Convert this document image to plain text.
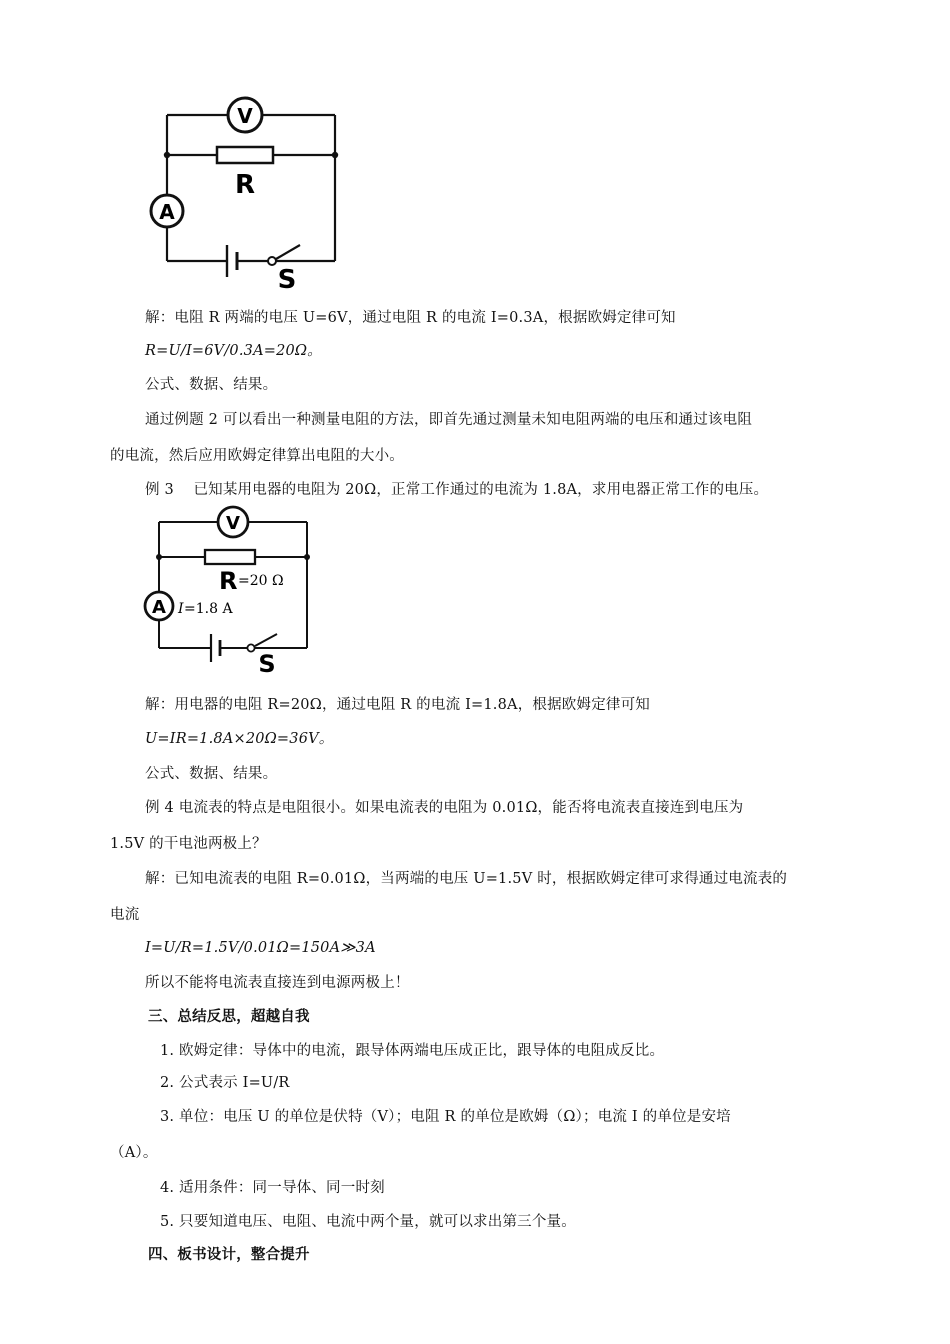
V
A
R
S
解：电阻 R 两端的电压 U=6V，通过电阻 R 的电流 I=0.3A，根据欧姆定律可知
R=U/I=6V/0.3A=20Ω。
公式、数据、结果。
通过例题 2 可以看出一种测量电阻的方法，即首先通过测量未知电阻两端的电压和通过该电阻
的电流，然后应用欧姆定律算出电阻的大小。
例 3　 已知某用电器的电阻为 20Ω，正常工作通过的电流为 1.8A，求用电器正常工作的电压。
V
A
R =20 Ω
I =1.8 A
S
解：用电器的电阻 R=20Ω，通过电阻 R 的电流 I=1.8A，根据欧姆定律可知
U=IR=1.8A×20Ω=36V。
公式、数据、结果。
例 4 电流表的特点是电阻很小。如果电流表的电阻为 0.01Ω，能否将电流表直接连到电压为
1.5V 的干电池两极上？
解：已知电流表的电阻 R=0.01Ω，当两端的电压 U=1.5V 时，根据欧姆定律可求得通过电流表的
电流
I=U/R=1.5V/0.01Ω=150A≫3A
所以不能将电流表直接连到电源两极上！
三、总结反思，超越自我
1. 欧姆定律：导体中的电流，跟导体两端电压成正比，跟导体的电阻成反比。
2. 公式表示 I=U/R
3. 单位：电压 U 的单位是伏特（V）；电阻 R 的单位是欧姆（Ω）；电流 I 的单位是安培
（A）。
4. 适用条件：同一导体、同一时刻
5. 只要知道电压、电阻、电流中两个量，就可以求出第三个量。
四、板书设计，整合提升
